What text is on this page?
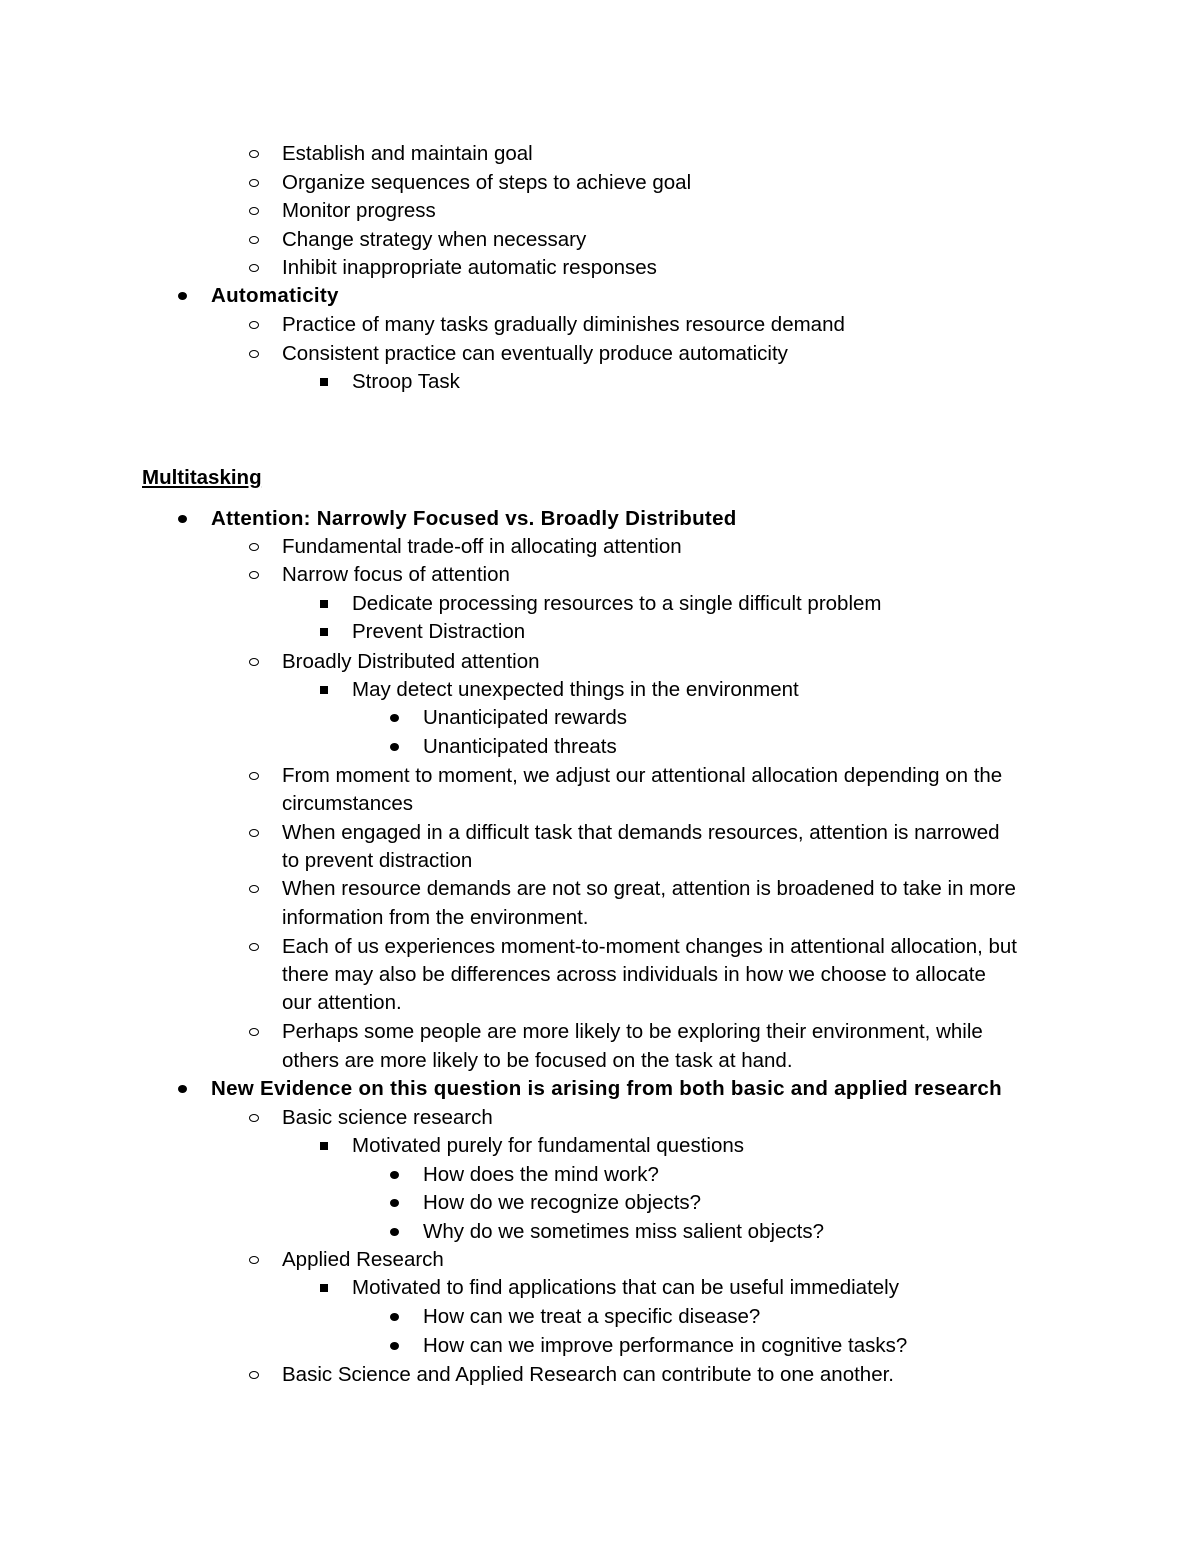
Establish and maintain goal
Organize sequences of steps to achieve goal
Monitor progress
Change strategy when necessary
Inhibit inappropriate automatic responses
Automaticity
Practice of many tasks gradually diminishes resource demand
Consistent practice can eventually produce automaticity
Stroop Task
Multitasking
Attention: Narrowly Focused vs. Broadly Distributed
Fundamental trade-off in allocating attention
Narrow focus of attention
Dedicate processing resources to a single difficult problem
Prevent Distraction
Broadly Distributed attention
May detect unexpected things in the environment
Unanticipated rewards
Unanticipated threats
From moment to moment, we adjust our attentional allocation depending on the
circumstances
When engaged in a difficult task that demands resources, attention is narrowed
to prevent distraction
When resource demands are not so great, attention is broadened to take in more
information from the environment.
Each of us experiences moment-to-moment changes in attentional allocation, but
there may also be differences across individuals in how we choose to allocate
our attention.
Perhaps some people are more likely to be exploring their environment, while
others are more likely to be focused on the task at hand.
New Evidence on this question is arising from both basic and applied research
Basic science research
Motivated purely for fundamental questions
How does the mind work?
How do we recognize objects?
Why do we sometimes miss salient objects?
Applied Research
Motivated to find applications that can be useful immediately
How can we treat a specific disease?
How can we improve performance in cognitive tasks?
Basic Science and Applied Research can contribute to one another.
